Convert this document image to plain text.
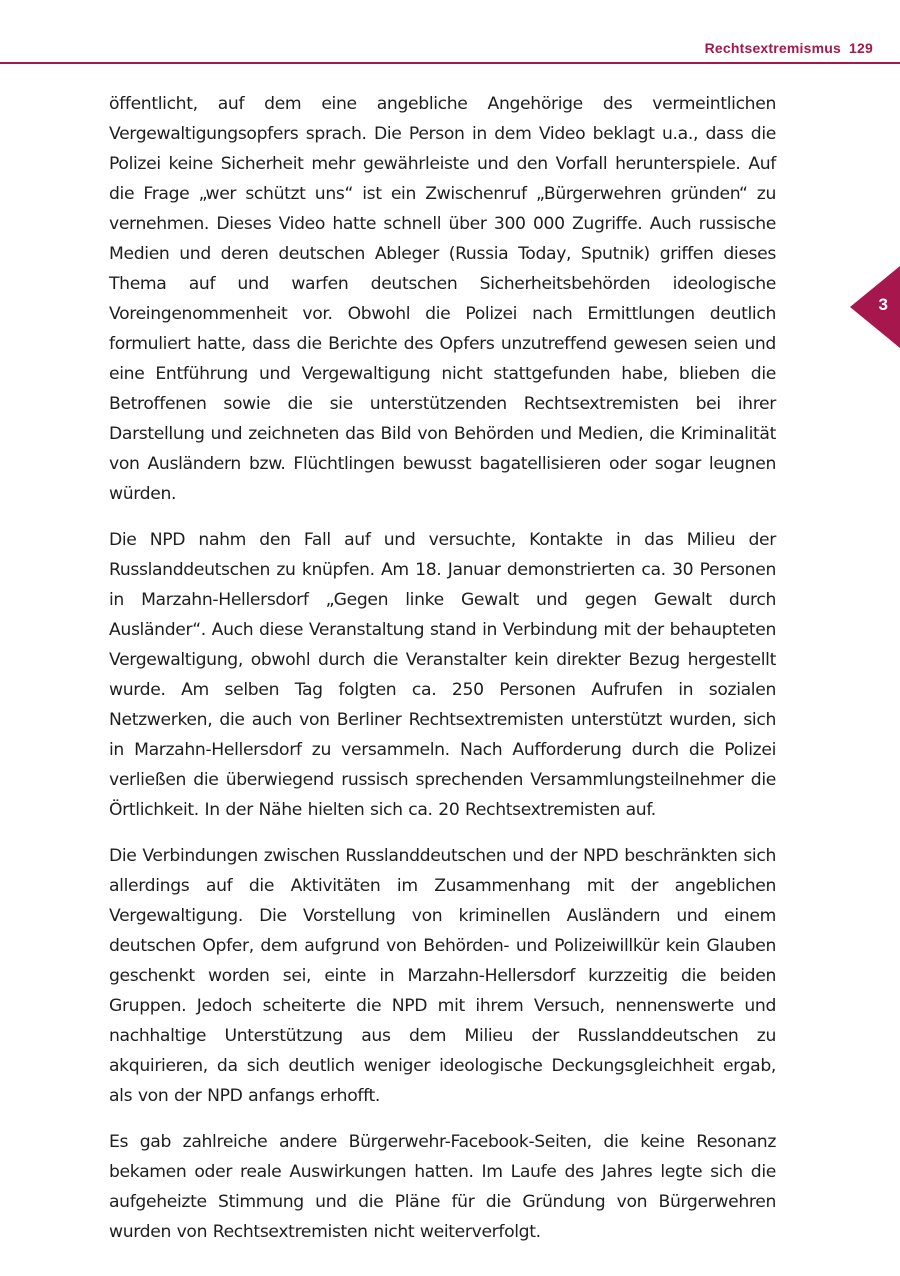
Rechtsextremismus 129
3

öffentlicht, auf dem eine angebliche Angehörige des vermeintlichen Vergewaltigungsopfers sprach. Die Person in dem Video beklagt u.a., dass die Polizei keine Sicherheit mehr gewährleiste und den Vorfall herunterspiele. Auf die Frage „wer schützt uns“ ist ein Zwischenruf „Bürgerwehren gründen“ zu vernehmen. Dieses Video hatte schnell über 300 000 Zugriffe. Auch russische Medien und deren deutschen Ableger (Russia Today, Sputnik) griffen dieses Thema auf und warfen deutschen Sicherheitsbehörden ideologische Voreingenommenheit vor. Obwohl die Polizei nach Ermittlungen deutlich formuliert hatte, dass die Berichte des Opfers unzutreffend gewesen seien und eine Entführung und Vergewaltigung nicht stattgefunden habe, blieben die Betroffenen sowie die sie unterstützenden Rechtsextremisten bei ihrer Darstellung und zeichneten das Bild von Behörden und Medien, die Kriminalität von Ausländern bzw. Flüchtlingen bewusst bagatellisieren oder sogar leugnen würden.

Die NPD nahm den Fall auf und versuchte, Kontakte in das Milieu der Russlanddeutschen zu knüpfen. Am 18. Januar demonstrierten ca. 30 Personen in Marzahn-Hellersdorf „Gegen linke Gewalt und gegen Gewalt durch Ausländer“. Auch diese Veranstaltung stand in Verbindung mit der behaupteten Vergewaltigung, obwohl durch die Veranstalter kein direkter Bezug hergestellt wurde. Am selben Tag folgten ca. 250 Personen Aufrufen in sozialen Netzwerken, die auch von Berliner Rechtsextremisten unterstützt wurden, sich in Marzahn-Hellersdorf zu versammeln. Nach Aufforderung durch die Polizei verließen die überwiegend russisch sprechenden Versammlungsteilnehmer die Örtlichkeit. In der Nähe hielten sich ca. 20 Rechtsextremisten auf.

Die Verbindungen zwischen Russlanddeutschen und der NPD beschränkten sich allerdings auf die Aktivitäten im Zusammenhang mit der angeblichen Vergewaltigung. Die Vorstellung von kriminellen Ausländern und einem deutschen Opfer, dem aufgrund von Behörden- und Polizeiwillkür kein Glauben geschenkt worden sei, einte in Marzahn-Hellersdorf kurzzeitig die beiden Gruppen. Jedoch scheiterte die NPD mit ihrem Versuch, nennenswerte und nachhaltige Unterstützung aus dem Milieu der Russlanddeutschen zu akquirieren, da sich deutlich weniger ideologische Deckungsgleichheit ergab, als von der NPD anfangs erhofft.

Es gab zahlreiche andere Bürgerwehr-Facebook-Seiten, die keine Resonanz bekamen oder reale Auswirkungen hatten. Im Laufe des Jahres legte sich die aufgeheizte Stimmung und die Pläne für die Gründung von Bürgerwehren wurden von Rechtsextremisten nicht weiterverfolgt.
